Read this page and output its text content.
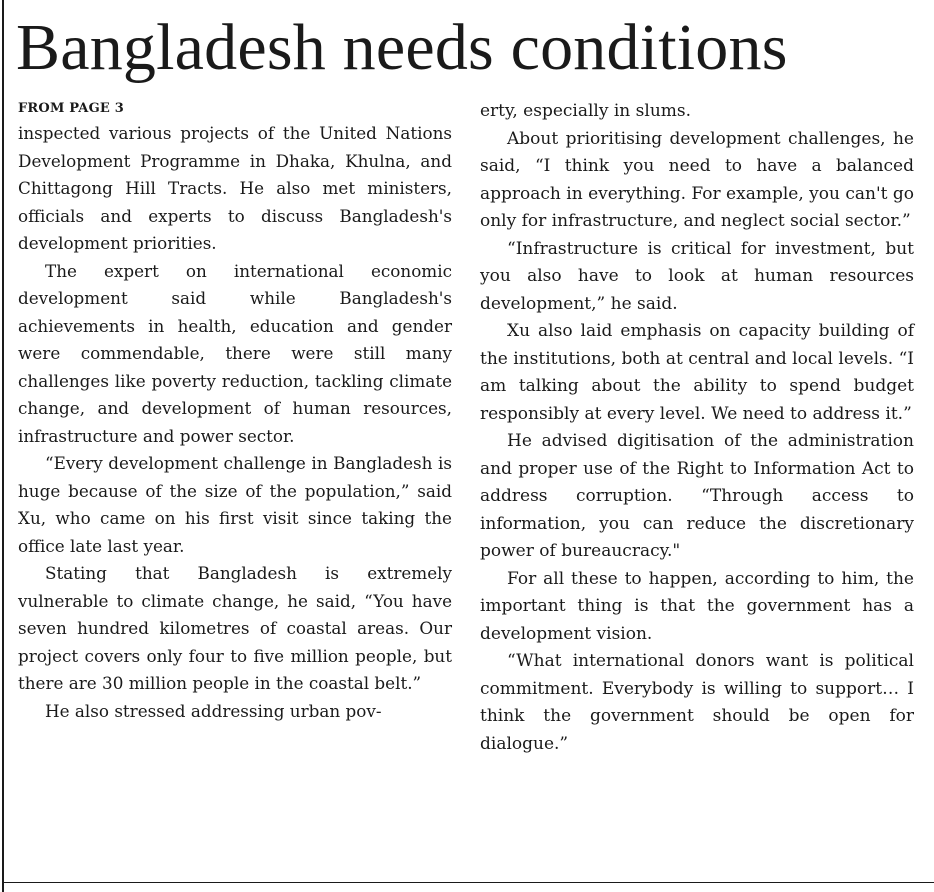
Bangladesh needs conditions
FROM PAGE 3

inspected various projects of the United Nations Development Programme in Dhaka, Khulna, and Chittagong Hill Tracts. He also met ministers, officials and experts to discuss Bangladesh's development priorities.

The expert on international economic development said while Bangladesh's achievements in health, education and gender were commendable, there were still many challenges like poverty reduction, tackling climate change, and development of human resources, infrastructure and power sector.

“Every development challenge in Bangladesh is huge because of the size of the population,” said Xu, who came on his first visit since taking the office late last year.

Stating that Bangladesh is extremely vulnerable to climate change, he said, “You have seven hundred kilometres of coastal areas. Our project covers only four to five million people, but there are 30 million people in the coastal belt.”

He also stressed addressing urban pov-

erty, especially in slums.

About prioritising development challenges, he said, “I think you need to have a balanced approach in everything. For example, you can't go only for infrastructure, and neglect social sector.”

“Infrastructure is critical for investment, but you also have to look at human resources development,” he said.

Xu also laid emphasis on capacity building of the institutions, both at central and local levels. “I am talking about the ability to spend budget responsibly at every level. We need to address it.”

He advised digitisation of the administration and proper use of the Right to Information Act to address corruption. “Through access to information, you can reduce the discretionary power of bureaucracy."

For all these to happen, according to him, the important thing is that the government has a development vision.

“What international donors want is political commitment. Everybody is willing to support… I think the government should be open for dialogue.”
